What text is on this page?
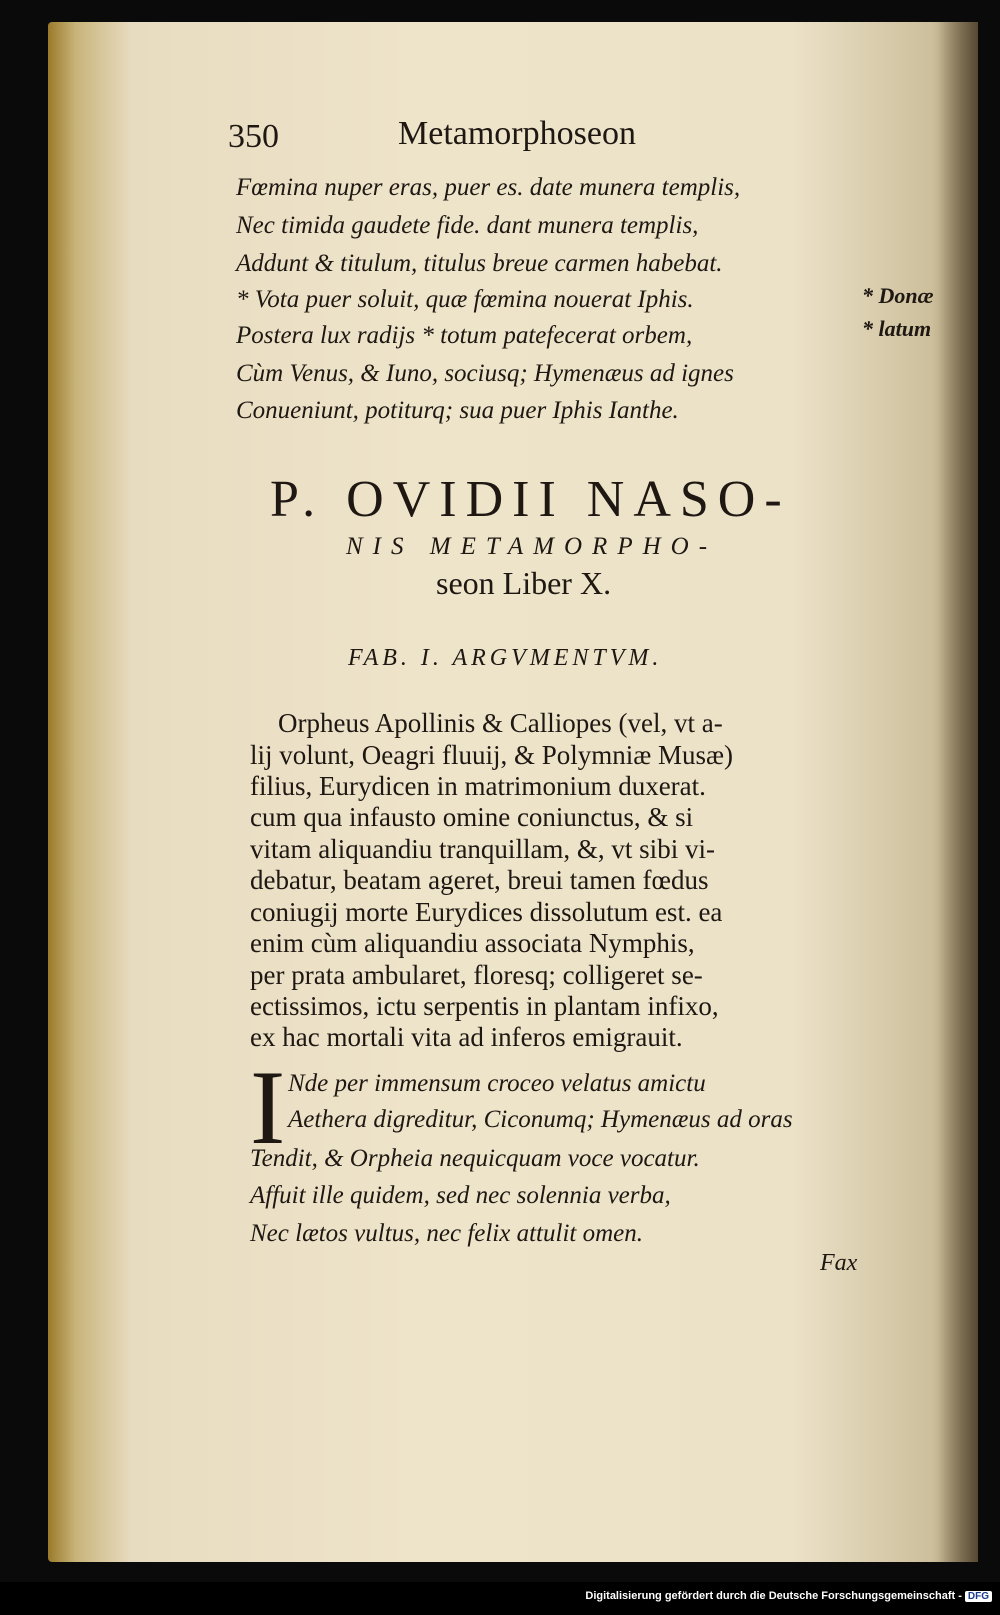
350	Metamorphoseon
Fœmina nuper eras, puer es. date munera templis,
Nec timida gaudete fide. dant munera templis,
Addunt & titulum, titulus breue carmen habebat.
* Vota puer soluit, quæ fœmina nouerat Iphis.
Postera lux radijs * totum patefecerat orbem,
Cùm Venus, & Iuno, sociusq; Hymenæus ad ignes
Conueniunt, potiturq; sua puer Iphis Ianthe.
* Donæ
* latum
P. OVIDII NASO-
NIS METAMORPHO-
seon Liber X.
FAB. I. ARGVMENTVM.
Orpheus Apollinis & Calliopes (vel, vt a-
lij volunt, Oeagri fluuij, & Polymniæ Musæ)
filius, Eurydicen in matrimonium duxerat.
cum qua infausto omine coniunctus, & si
vitam aliquandiu tranquillam, &, vt sibi vi-
debatur, beatam ageret, breui tamen fœdus
coniugij morte Eurydices dissolutum est. ea
enim cùm aliquandiu associata Nymphis,
per prata ambularet, floresq; colligeret se-
ectissimos, ictu serpentis in plantam infixo,
ex hac mortali vita ad inferos emigrauit.
I Nde per immensum croceo velatus amictu
Aethera digreditur, Ciconumq; Hymenæus ad oras
Tendit, & Orpheia nequicquam voce vocatur.
Affuit ille quidem, sed nec solennia verba,
Nec lætos vultus, nec felix attulit omen.
Fax
Digitalisierung gefördert durch die Deutsche Forschungsgemeinschaft - DFG
